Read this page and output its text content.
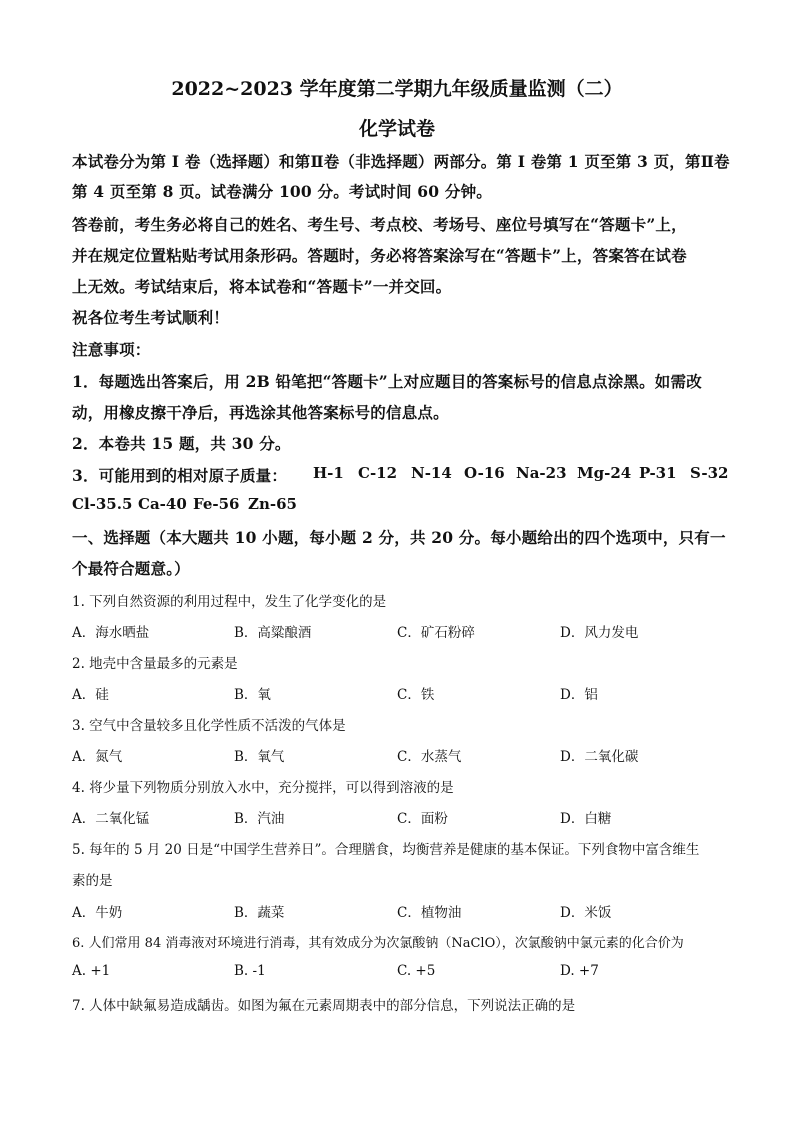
2022~2023 学年度第二学期九年级质量监测（二）
化学试卷
本试卷分为第 I 卷（选择题）和第Ⅱ卷（非选择题）两部分。第 I 卷第 1 页至第 3 页，第Ⅱ卷
第 4 页至第 8 页。试卷满分 100 分。考试时间 60 分钟。
答卷前，考生务必将自己的姓名、考生号、考点校、考场号、座位号填写在“答题卡”上，
并在规定位置粘贴考试用条形码。答题时，务必将答案涂写在“答题卡”上，答案答在试卷
上无效。考试结束后，将本试卷和“答题卡”一并交回。
祝各位考生考试顺利！
注意事项：
1．每题选出答案后，用 2B 铅笔把“答题卡”上对应题目的答案标号的信息点涂黑。如需改
动，用橡皮擦干净后，再选涂其他答案标号的信息点。
2．本卷共 15 题，共 30 分。
3．可能用到的相对原子质量： H-1 C-12 N-14 O-16 Na-23 Mg-24 P-31 S-32
Cl-35.5 Ca-40 Fe-56 Zn-65
一、选择题（本大题共 10 小题，每小题 2 分，共 20 分。每小题给出的四个选项中，只有一
个最符合题意。）
1. 下列自然资源的利用过程中，发生了化学变化的是
A．海水晒盐	B．高粱酿酒	C．矿石粉碎	D．风力发电
2. 地壳中含量最多的元素是
A．硅	B．氧	C．铁	D．铝
3. 空气中含量较多且化学性质不活泼的气体是
A．氮气	B．氧气	C．水蒸气	D．二氧化碳
4. 将少量下列物质分别放入水中，充分搅拌，可以得到溶液的是
A．二氧化锰	B．汽油	C．面粉	D．白糖
5. 每年的 5 月 20 日是“中国学生营养日”。合理膳食，均衡营养是健康的基本保证。下列食物中富含维生
素的是
A．牛奶	B．蔬菜	C．植物油	D．米饭
6. 人们常用 84 消毒液对环境进行消毒，其有效成分为次氯酸钠（NaClO），次氯酸钠中氯元素的化合价为
A. +1	B. -1	C. +5	D. +7
7. 人体中缺氟易造成龋齿。如图为氟在元素周期表中的部分信息，下列说法正确的是
